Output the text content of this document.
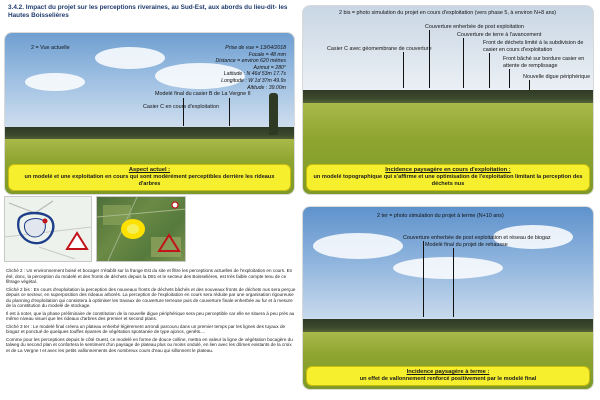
3.4.2. Impact du projet sur les perceptions riveraines, au Sud-Est, aux abords du lieu-dit- les Hautes Boisselières
2 = Vue actuelle	Prise de vue = 13/04/2018
Focale = 48 mm
Distance = environ 620 mètres
Azimut = 280°
Latitude : N 46d 53m 17.7s
Longitude : W 1d 37m 49.9s
Altitude : 39.00m
Modelé final du casier B de La Vergne II
Casier C en cours d'exploitation
Aspect actuel :
un modelé et une exploitation en cours qui sont modérément perceptibles derrière les rideaux d'arbres
2 bis = photo simulation du projet en cours d'exploitation (vers phase 5, à environ N+8 ans)
Couverture enherbée de post exploitation
Couverture de terre à l'avancement
Front de déchets limité à la subdivision de casier en cours d'exploitation
Casier C avec géomembrane de couverture
Front bâché sur bordure casier en attente de remplissage
Nouvelle digue périphérique
Incidence paysagère en cours d'exploitation :
un modelé topographique qui s'affirme et une optimisation de l'exploitation limitant la perception des déchets nus
2 ter = photo simulation du projet à terme (N+10 ans)
Couverture enherbée de post exploitation et réseau de biogaz
Modelé final du projet de rehausse
Incidence paysagère à terme :
un effet de vallonnement renforcé positivement par le modelé final

Cliché 2 : Un environnement boisé et bocager n'établit sur la frange Est du site et filtre les perceptions actuelles de l'exploitation en cours. En été, donc, la perception du modelé et des fronts de déchets depuis la D81 et le secteur des Boisselières, est très faible compte tenu de ce filtrage végétal.

Cliché 2 bis : En cours d'exploitation la perception des nouveaux fronts de déchets bâchés et des nouveaux fronts de déchets nus sera perçue depuis ce secteur, en superposition des rideaux arborés. La perception de l'exploitation en cours sera réduite par une organisation rigoureuse du planning d'exploitation qui consistera à optimiser les travaux de couverture terreuse puis de couverture finale enherbée au fur et à mesure de la constitution du modelé de stockage.

Il est à noter, que la phase préliminaire de constitution de la nouvelle digue périphérique sera peu perceptible car elle se situera à peu près au même niveau visuel que les rideaux d'arbres des premier et second plans.

Cliché 3 ter : Le modelé final créera un plateau enherbé légèrement arrondi parcouru dans un premier temps par les lignes des tuyaux de biogaz et ponctué de quelques touffes éparses de végétation spontanée de type ajoncs, genêts....

Comme pour les perceptions depuis le côté Ouest, ce modelé en forme de douce colline, mettra en valeur la ligne de végétation bocagère du talweg du second plan et confortera le sentiment d'un paysage de plateau plus ou moins ondulé, en lien avec les dômes existants de la croix et de La Vergne I et avec les petits vallonnements des nombreux cours d'eau qui sillonnent le plateau.
